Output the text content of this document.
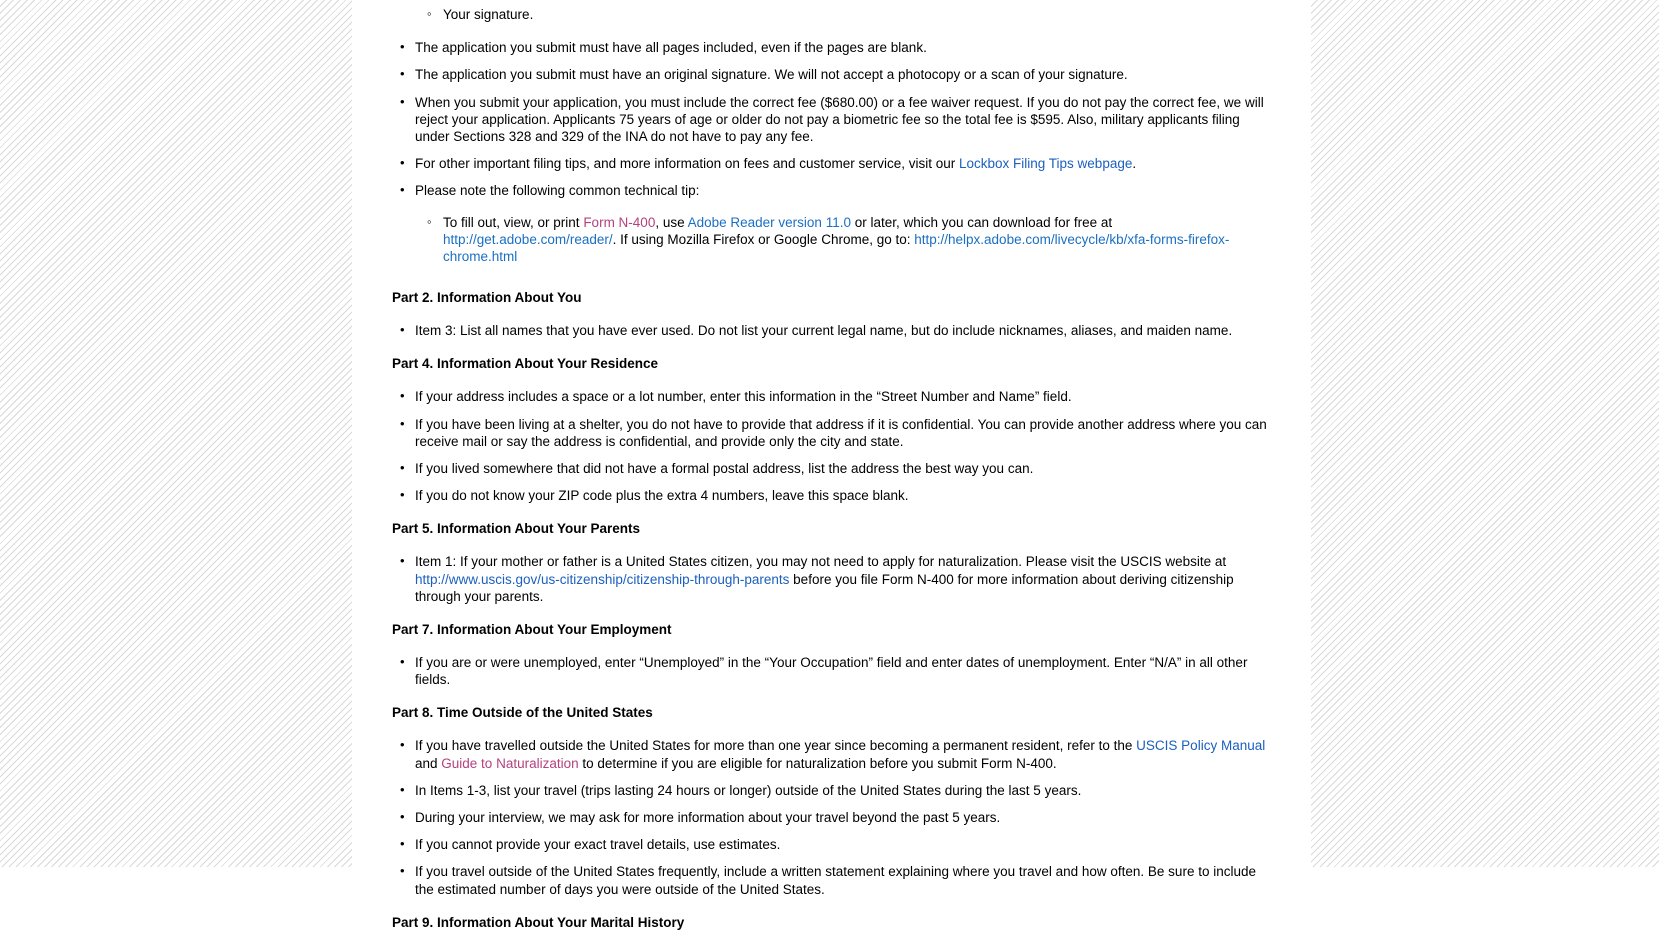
◦ Your signature.
• The application you submit must have all pages included, even if the pages are blank.
• The application you submit must have an original signature. We will not accept a photocopy or a scan of your signature.
• When you submit your application, you must include the correct fee ($680.00) or a fee waiver request. If you do not pay the correct fee, we will reject your application. Applicants 75 years of age or older do not pay a biometric fee so the total fee is $595. Also, military applicants filing under Sections 328 and 329 of the INA do not have to pay any fee.
• For other important filing tips, and more information on fees and customer service, visit our Lockbox Filing Tips webpage.
• Please note the following common technical tip:
◦ To fill out, view, or print Form N-400, use Adobe Reader version 11.0 or later, which you can download for free at http://get.adobe.com/reader/. If using Mozilla Firefox or Google Chrome, go to: http://helpx.adobe.com/livecycle/kb/xfa-forms-firefox-chrome.html
Part 2. Information About You
• Item 3: List all names that you have ever used. Do not list your current legal name, but do include nicknames, aliases, and maiden name.
Part 4. Information About Your Residence
• If your address includes a space or a lot number, enter this information in the “Street Number and Name” field.
• If you have been living at a shelter, you do not have to provide that address if it is confidential. You can provide another address where you can receive mail or say the address is confidential, and provide only the city and state.
• If you lived somewhere that did not have a formal postal address, list the address the best way you can.
• If you do not know your ZIP code plus the extra 4 numbers, leave this space blank.
Part 5. Information About Your Parents
• Item 1: If your mother or father is a United States citizen, you may not need to apply for naturalization. Please visit the USCIS website at http://www.uscis.gov/us-citizenship/citizenship-through-parents before you file Form N-400 for more information about deriving citizenship through your parents.
Part 7. Information About Your Employment
• If you are or were unemployed, enter “Unemployed” in the “Your Occupation” field and enter dates of unemployment. Enter “N/A” in all other fields.
Part 8. Time Outside of the United States
• If you have travelled outside the United States for more than one year since becoming a permanent resident, refer to the USCIS Policy Manual and Guide to Naturalization to determine if you are eligible for naturalization before you submit Form N-400.
• In Items 1-3, list your travel (trips lasting 24 hours or longer) outside of the United States during the last 5 years.
• During your interview, we may ask for more information about your travel beyond the past 5 years.
• If you cannot provide your exact travel details, use estimates.
• If you travel outside of the United States frequently, include a written statement explaining where you travel and how often. Be sure to include the estimated number of days you were outside of the United States.
Part 9. Information About Your Marital History
